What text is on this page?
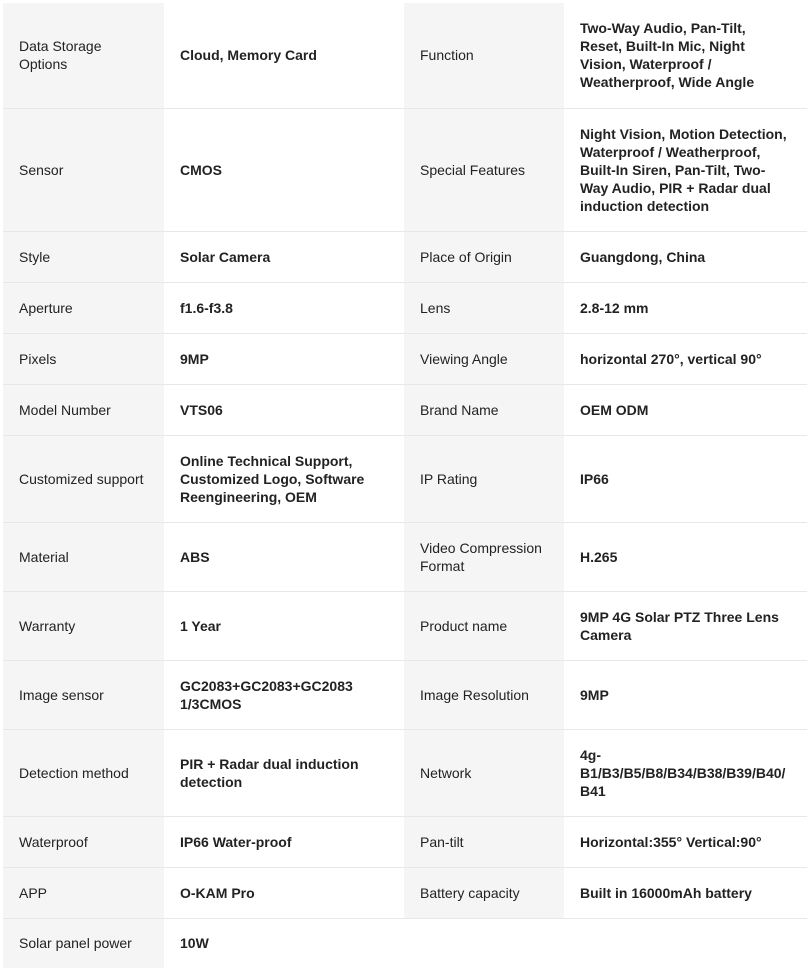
Data Storage Options	Cloud, Memory Card	Function	Two-Way Audio, Pan-Tilt, Reset, Built-In Mic, Night Vision, Waterproof / Weatherproof, Wide Angle
Sensor	CMOS	Special Features	Night Vision, Motion Detection, Waterproof / Weatherproof, Built-In Siren, Pan-Tilt, Two-Way Audio, PIR + Radar dual induction detection
Style	Solar Camera	Place of Origin	Guangdong, China
Aperture	f1.6-f3.8	Lens	2.8-12 mm
Pixels	9MP	Viewing Angle	horizontal 270°, vertical 90°
Model Number	VTS06	Brand Name	OEM ODM
Customized support	Online Technical Support, Customized Logo, Software Reengineering, OEM	IP Rating	IP66
Material	ABS	Video Compression Format	H.265
Warranty	1 Year	Product name	9MP 4G Solar PTZ Three Lens Camera
Image sensor	GC2083+GC2083+GC2083 1/3CMOS	Image Resolution	9MP
Detection method	PIR + Radar dual induction detection	Network	4g-B1/B3/B5/B8/B34/B38/B39/B40/B41
Waterproof	IP66 Water-proof	Pan-tilt	Horizontal:355° Vertical:90°
APP	O-KAM Pro	Battery capacity	Built in 16000mAh battery
Solar panel power	10W		
